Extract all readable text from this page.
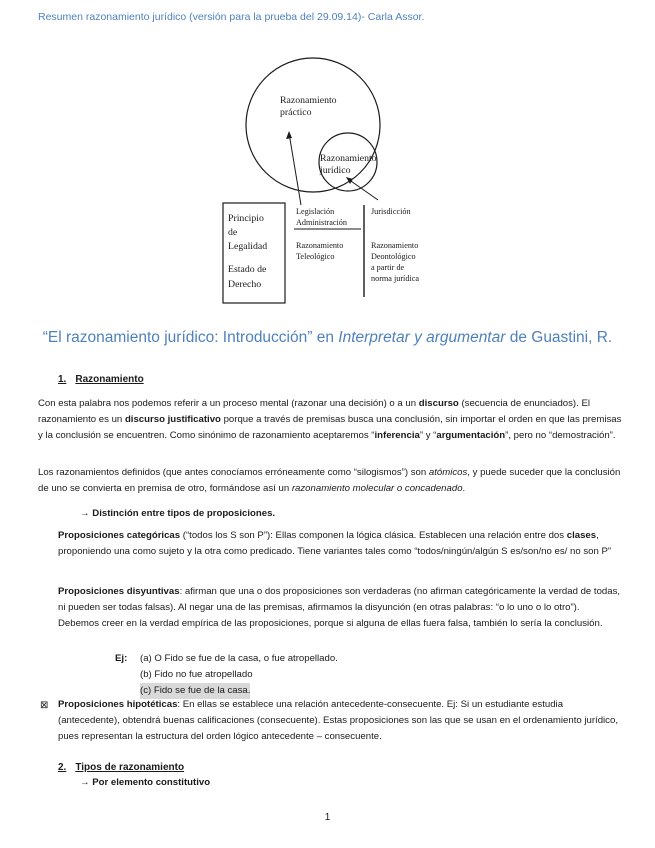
Resumen razonamiento jurídico (versión para la prueba del 29.09.14)- Carla Assor.
Razonamiento
práctico
Razonamiento
jurídico
Principio
de
Legalidad
Estado de
Derecho
Legislación
Administración
Razonamiento
Teleológico
Jurisdicción
Razonamiento
Deontológico
a partir de
norma jurídica
“El razonamiento jurídico: Introducción” en Interpretar y argumentar de Guastini, R.
1. Razonamiento
Con esta palabra nos podemos referir a un proceso mental (razonar una decisión) o a un discurso (secuencia de enunciados). El razonamiento es un discurso justificativo porque a través de premisas busca una conclusión, sin importar el orden en que las premisas y la conclusión se encuentren. Como sinónimo de razonamiento aceptaremos “inferencia” y “argumentación”, pero no “demostración”.
Los razonamientos definidos (que antes conocíamos erróneamente como “silogismos”) son atómicos, y puede suceder que la conclusión de uno se convierta en premisa de otro, formándose así un razonamiento molecular o concadenado.
→ Distinción entre tipos de proposiciones.
Proposiciones categóricas (“todos los S son P”): Ellas componen la lógica clásica. Establecen una relación entre dos clases, proponiendo una como sujeto y la otra como predicado. Tiene variantes tales como “todos/ningún/algún S es/son/no es/ no son P”
Proposiciones disyuntivas: afirman que una o dos proposiciones son verdaderas (no afirman categóricamente la verdad de todas, ni pueden ser todas falsas). Al negar una de las premisas, afirmamos la disyunción (en otras palabras: “o lo uno o lo otro”). Debemos creer en la verdad empírica de las proposiciones, porque si alguna de ellas fuera falsa, también lo sería la conclusión.
Ej: (a) O Fido se fue de la casa, o fue atropellado.
(b) Fido no fue atropellado
(c) Fido se fue de la casa.
⊠ Proposiciones hipotéticas: En ellas se establece una relación antecedente-consecuente. Ej: Si un estudiante estudia (antecedente), obtendrá buenas calificaciones (consecuente). Estas proposiciones son las que se usan en el ordenamiento jurídico, pues representan la estructura del orden lógico antecedente – consecuente.
2. Tipos de razonamiento
→ Por elemento constitutivo
1
